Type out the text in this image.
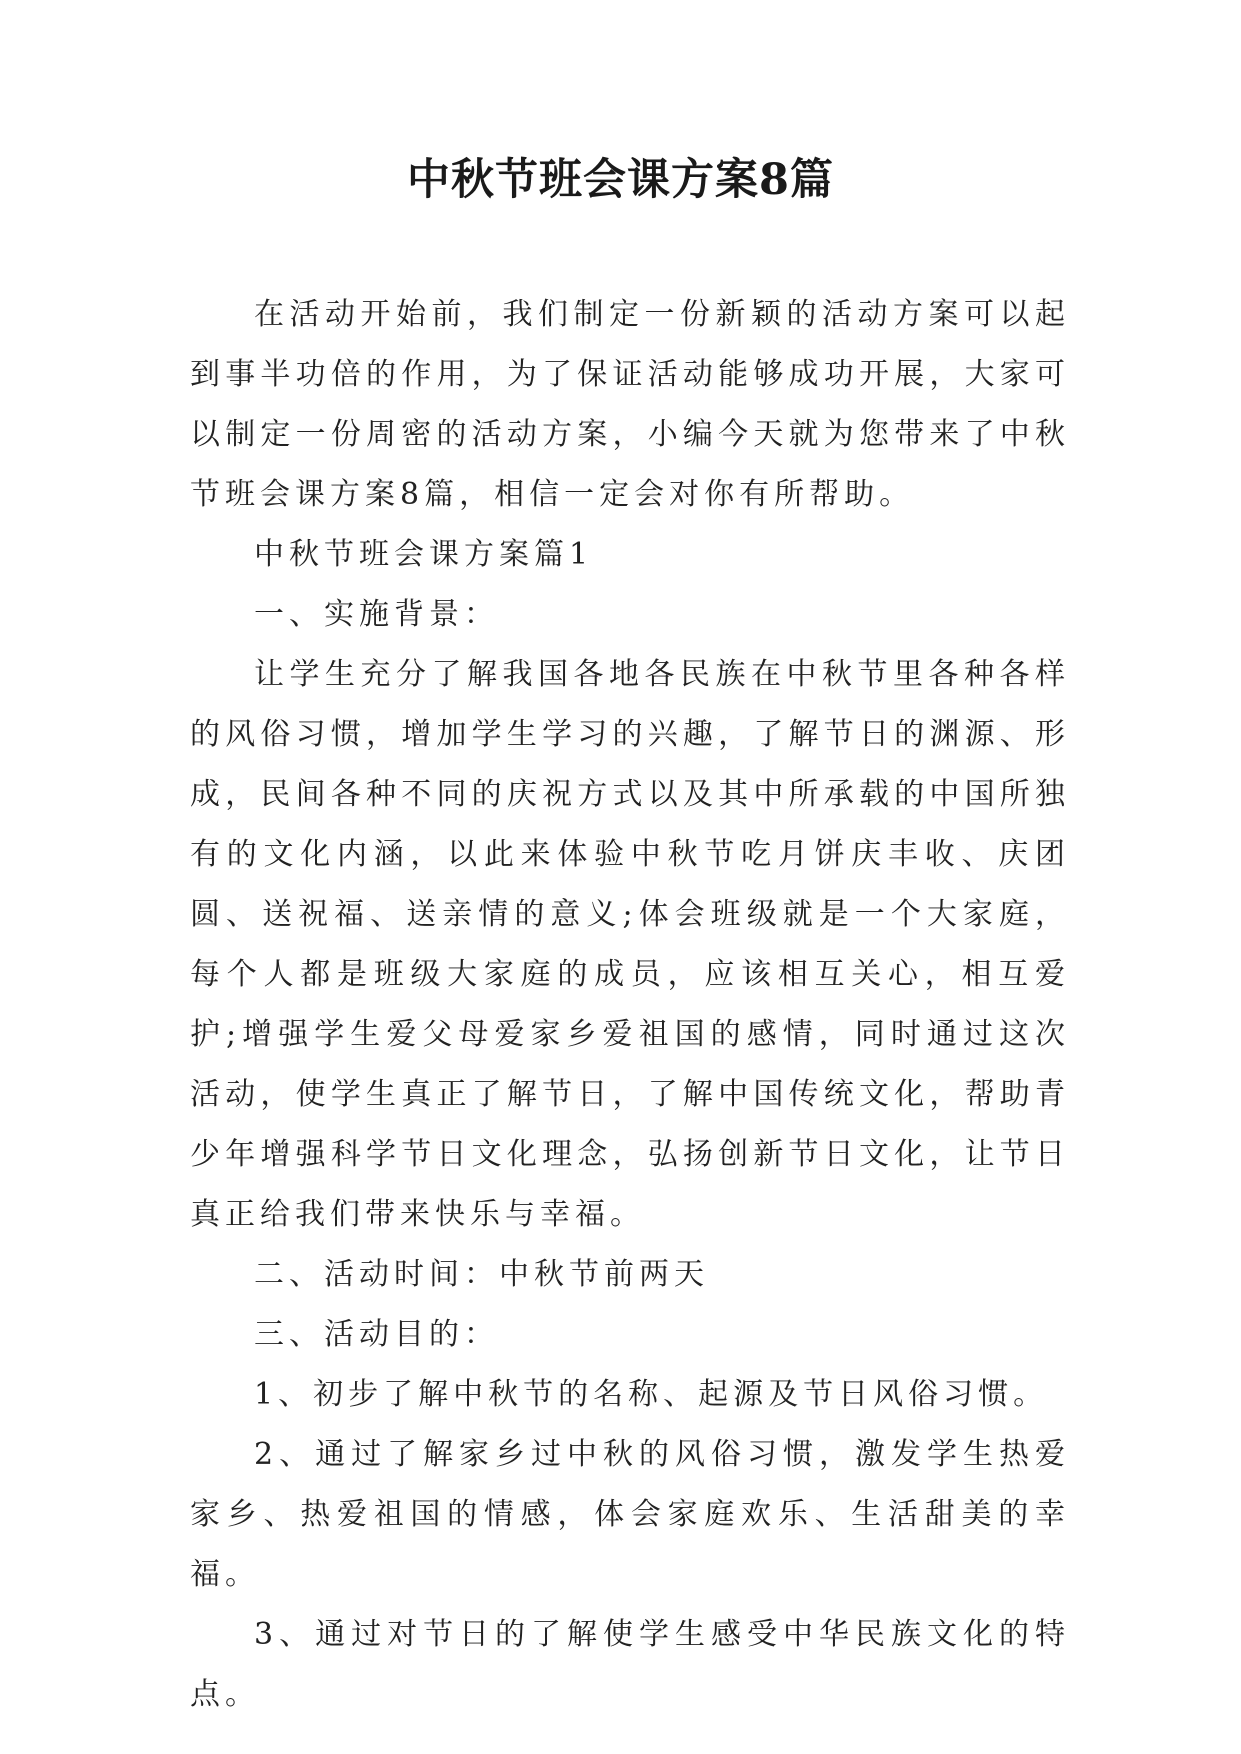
中秋节班会课方案8篇

在活动开始前，我们制定一份新颖的活动方案可以起到事半功倍的作用，为了保证活动能够成功开展，大家可以制定一份周密的活动方案，小编今天就为您带来了中秋节班会课方案8篇，相信一定会对你有所帮助。

中秋节班会课方案篇1

一、实施背景：

让学生充分了解我国各地各民族在中秋节里各种各样的风俗习惯，增加学生学习的兴趣，了解节日的渊源、形成，民间各种不同的庆祝方式以及其中所承载的中国所独有的文化内涵，以此来体验中秋节吃月饼庆丰收、庆团圆、送祝福、送亲情的意义;体会班级就是一个大家庭，每个人都是班级大家庭的成员，应该相互关心，相互爱护;增强学生爱父母爱家乡爱祖国的感情，同时通过这次活动，使学生真正了解节日，了解中国传统文化，帮助青少年增强科学节日文化理念，弘扬创新节日文化，让节日真正给我们带来快乐与幸福。

二、活动时间：中秋节前两天

三、活动目的：

1、初步了解中秋节的名称、起源及节日风俗习惯。

2、通过了解家乡过中秋的风俗习惯，激发学生热爱家乡、热爱祖国的情感，体会家庭欢乐、生活甜美的幸福。

3、通过对节日的了解使学生感受中华民族文化的特点。
